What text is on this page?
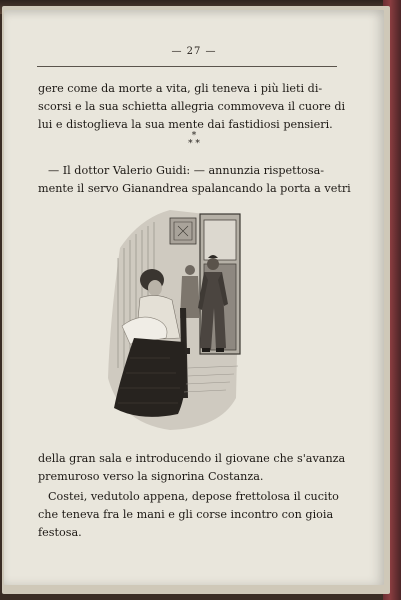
— 27 —
gere come da morte a vita, gli teneva i più lieti di-
scorsi e la sua schietta allegria commoveva il cuore di
lui e distoglieva la sua mente dai fastidiosi pensieri.
*
* *
— Il dottor Valerio Guidi: — annunzia rispettosa-
mente il servo Gianandrea spalancando la porta a vetri
della gran sala e introducendo il giovane che s'avanza
premuroso verso la signorina Costanza.
Costei, vedutolo appena, depose frettolosa il cucito
che teneva fra le mani e gli corse incontro con gioia
festosa.
